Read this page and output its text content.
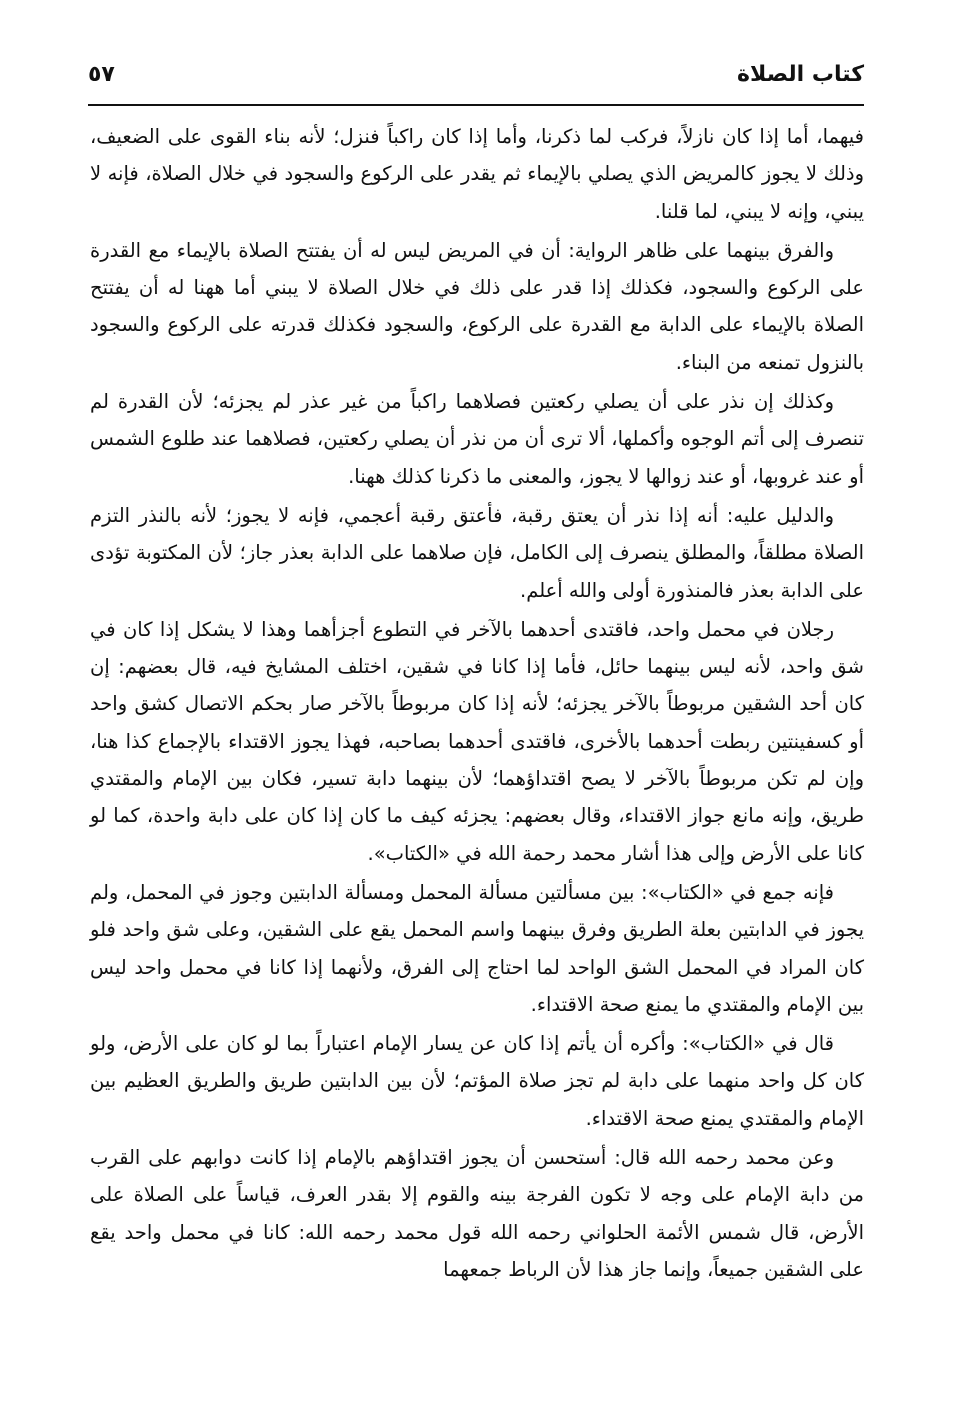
كتاب الصلاة
٥٧

فيهما، أما إذا كان نازلاً، فركب لما ذكرنا، وأما إذا كان راكباً فنزل؛ لأنه بناء القوى على الضعيف، وذلك لا يجوز كالمريض الذي يصلي بالإيماء ثم يقدر على الركوع والسجود في خلال الصلاة، فإنه لا يبني، وإنه لا يبني، لما قلنا.

والفرق بينهما على ظاهر الرواية: أن في المريض ليس له أن يفتتح الصلاة بالإيماء مع القدرة على الركوع والسجود، فكذلك إذا قدر على ذلك في خلال الصلاة لا يبني أما ههنا له أن يفتتح الصلاة بالإيماء على الدابة مع القدرة على الركوع، والسجود فكذلك قدرته على الركوع والسجود بالنزول تمنعه من البناء.

وكذلك إن نذر على أن يصلي ركعتين فصلاهما راكباً من غير عذر لم يجزئه؛ لأن القدرة لم تنصرف إلى أتم الوجوه وأكملها، ألا ترى أن من نذر أن يصلي ركعتين، فصلاهما عند طلوع الشمس أو عند غروبها، أو عند زوالها لا يجوز، والمعنى ما ذكرنا كذلك ههنا.

والدليل عليه: أنه إذا نذر أن يعتق رقبة، فأعتق رقبة أعجمي، فإنه لا يجوز؛ لأنه بالنذر التزم الصلاة مطلقاً، والمطلق ينصرف إلى الكامل، فإن صلاهما على الدابة بعذر جاز؛ لأن المكتوبة تؤدى على الدابة بعذر فالمنذورة أولى والله أعلم.

رجلان في محمل واحد، فاقتدى أحدهما بالآخر في التطوع أجزأهما وهذا لا يشكل إذا كان في شق واحد، لأنه ليس بينهما حائل، فأما إذا كانا في شقين، اختلف المشايخ فيه، قال بعضهم: إن كان أحد الشقين مربوطاً بالآخر يجزئه؛ لأنه إذا كان مربوطاً بالآخر صار بحكم الاتصال كشق واحد أو كسفينتين ربطت أحدهما بالأخرى، فاقتدى أحدهما بصاحبه، فهذا يجوز الاقتداء بالإجماع كذا هنا، وإن لم تكن مربوطاً بالآخر لا يصح اقتداؤهما؛ لأن بينهما دابة تسير، فكان بين الإمام والمقتدي طريق، وإنه مانع جواز الاقتداء، وقال بعضهم: يجزئه كيف ما كان إذا كان على دابة واحدة، كما لو كانا على الأرض وإلى هذا أشار محمد رحمة الله في «الكتاب».

فإنه جمع في «الكتاب»: بين مسألتين مسألة المحمل ومسألة الدابتين وجوز في المحمل، ولم يجوز في الدابتين بعلة الطريق وفرق بينهما واسم المحمل يقع على الشقين، وعلى شق واحد فلو كان المراد في المحمل الشق الواحد لما احتاج إلى الفرق، ولأنهما إذا كانا في محمل واحد ليس بين الإمام والمقتدي ما يمنع صحة الاقتداء.

قال في «الكتاب»: وأكره أن يأتم إذا كان عن يسار الإمام اعتباراً بما لو كان على الأرض، ولو كان كل واحد منهما على دابة لم تجز صلاة المؤتم؛ لأن بين الدابتين طريق والطريق العظيم بين الإمام والمقتدي يمنع صحة الاقتداء.

وعن محمد رحمه الله قال: أستحسن أن يجوز اقتداؤهم بالإمام إذا كانت دوابهم على القرب من دابة الإمام على وجه لا تكون الفرجة بينه والقوم إلا بقدر العرف، قياساً على الصلاة على الأرض، قال شمس الأئمة الحلواني رحمه الله قول محمد رحمه الله: كانا في محمل واحد يقع على الشقين جميعاً، وإنما جاز هذا لأن الرباط جمعهما
